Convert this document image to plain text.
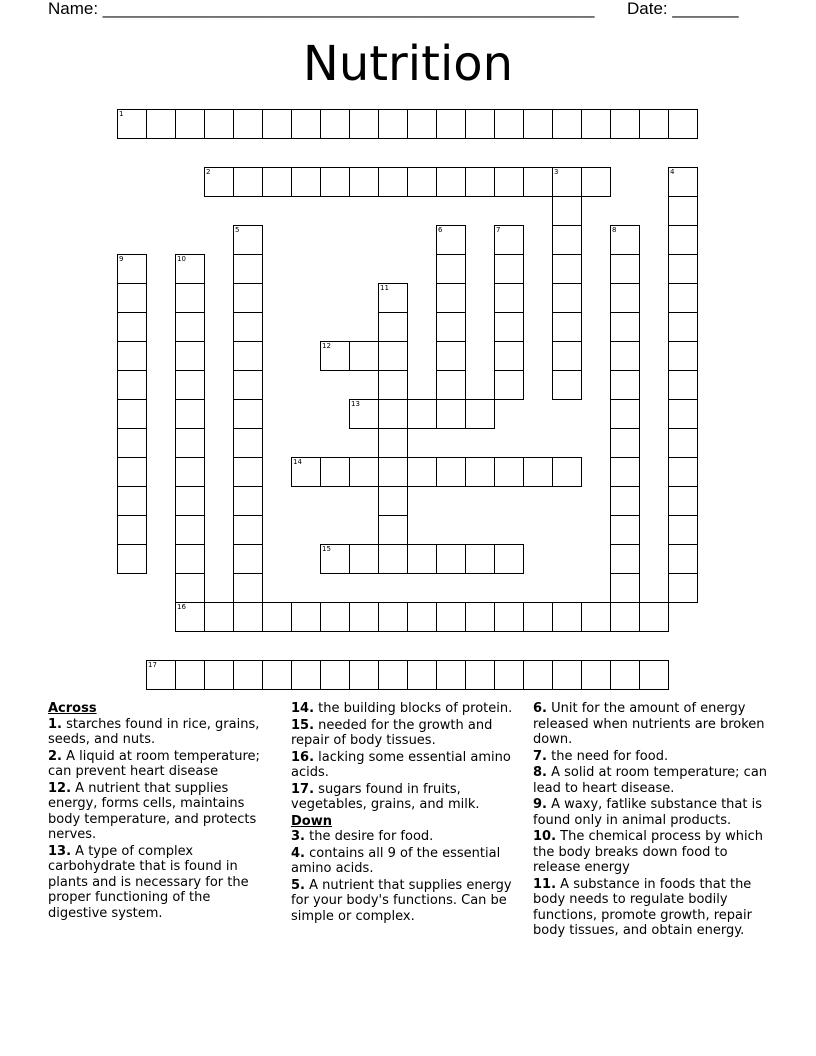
Name: ____________________________________________________ Date: _______
Nutrition
1
2	3	4
5	6	7	8
9	10
16
11
12
13
14
15
17
Across
1. starches found in rice, grains, seeds, and nuts.
2. A liquid at room temperature; can prevent heart disease
12. A nutrient that supplies energy, forms cells, maintains body temperature, and protects nerves.
13. A type of complex carbohydrate that is found in plants and is necessary for the proper functioning of the digestive system.
14. the building blocks of protein.
15. needed for the growth and repair of body tissues.
16. lacking some essential amino acids.
17. sugars found in fruits, vegetables, grains, and milk.
Down
3. the desire for food.
4. contains all 9 of the essential amino acids.
5. A nutrient that supplies energy for your body's functions. Can be simple or complex.
6. Unit for the amount of energy released when nutrients are broken down.
7. the need for food.
8. A solid at room temperature; can lead to heart disease.
9. A waxy, fatlike substance that is found only in animal products.
10. The chemical process by which the body breaks down food to release energy
11. A substance in foods that the body needs to regulate bodily functions, promote growth, repair body tissues, and obtain energy.
